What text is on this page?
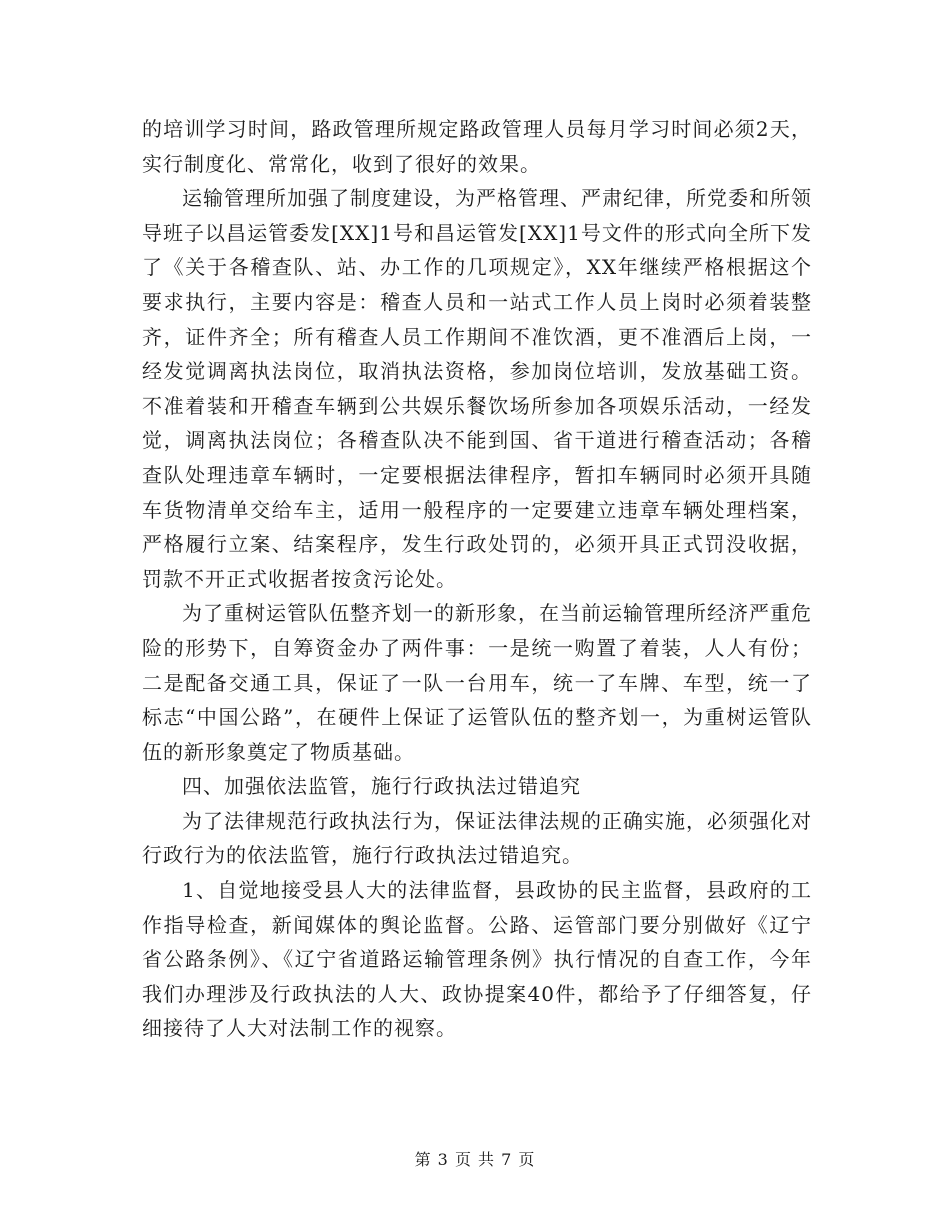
的培训学习时间，路政管理所规定路政管理人员每月学习时间必须2天，实行制度化、常常化，收到了很好的效果。

运输管理所加强了制度建设，为严格管理、严肃纪律，所党委和所领导班子以昌运管委发[XX]1号和昌运管发[XX]1号文件的形式向全所下发了《关于各稽查队、站、办工作的几项规定》，XX年继续严格根据这个要求执行，主要内容是：稽查人员和一站式工作人员上岗时必须着装整齐，证件齐全；所有稽查人员工作期间不准饮酒，更不准酒后上岗，一经发觉调离执法岗位，取消执法资格，参加岗位培训，发放基础工资。不准着装和开稽查车辆到公共娱乐餐饮场所参加各项娱乐活动，一经发觉，调离执法岗位；各稽查队决不能到国、省干道进行稽查活动；各稽查队处理违章车辆时，一定要根据法律程序，暂扣车辆同时必须开具随车货物清单交给车主，适用一般程序的一定要建立违章车辆处理档案，严格履行立案、结案程序，发生行政处罚的，必须开具正式罚没收据，罚款不开正式收据者按贪污论处。

为了重树运管队伍整齐划一的新形象，在当前运输管理所经济严重危险的形势下，自筹资金办了两件事：一是统一购置了着装，人人有份；二是配备交通工具，保证了一队一台用车，统一了车牌、车型，统一了标志“中国公路”，在硬件上保证了运管队伍的整齐划一，为重树运管队伍的新形象奠定了物质基础。

四、加强依法监管，施行行政执法过错追究

为了法律规范行政执法行为，保证法律法规的正确实施，必须强化对行政行为的依法监管，施行行政执法过错追究。

1、自觉地接受县人大的法律监督，县政协的民主监督，县政府的工作指导检查，新闻媒体的舆论监督。公路、运管部门要分别做好《辽宁省公路条例》、《辽宁省道路运输管理条例》执行情况的自查工作，今年我们办理涉及行政执法的人大、政协提案40件，都给予了仔细答复，仔细接待了人大对法制工作的视察。

第 3 页 共 7 页
